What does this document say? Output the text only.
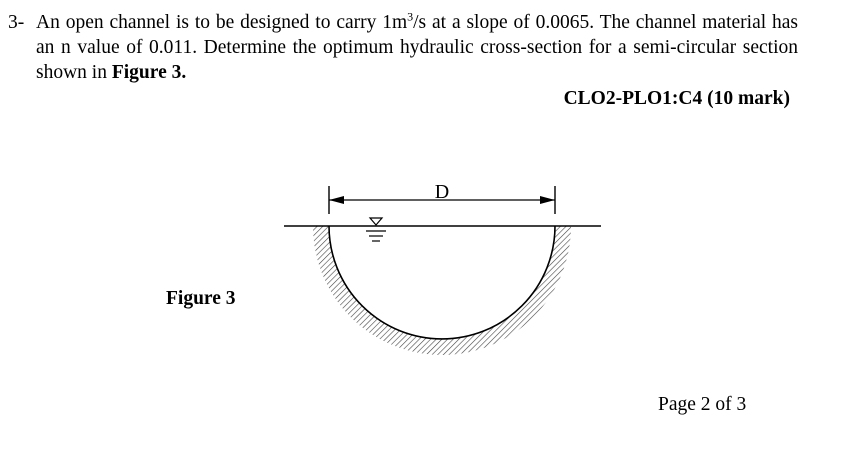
3- An open channel is to be designed to carry $1m^3/s$ at a slope of 0.0065. The channel material has an n value of 0.011. Determine the optimum hydraulic cross-section for a semi-circular section shown in Figure 3.
CLO2-PLO1:C4 (10 mark)
D
Figure 3
Page 2 of 3
